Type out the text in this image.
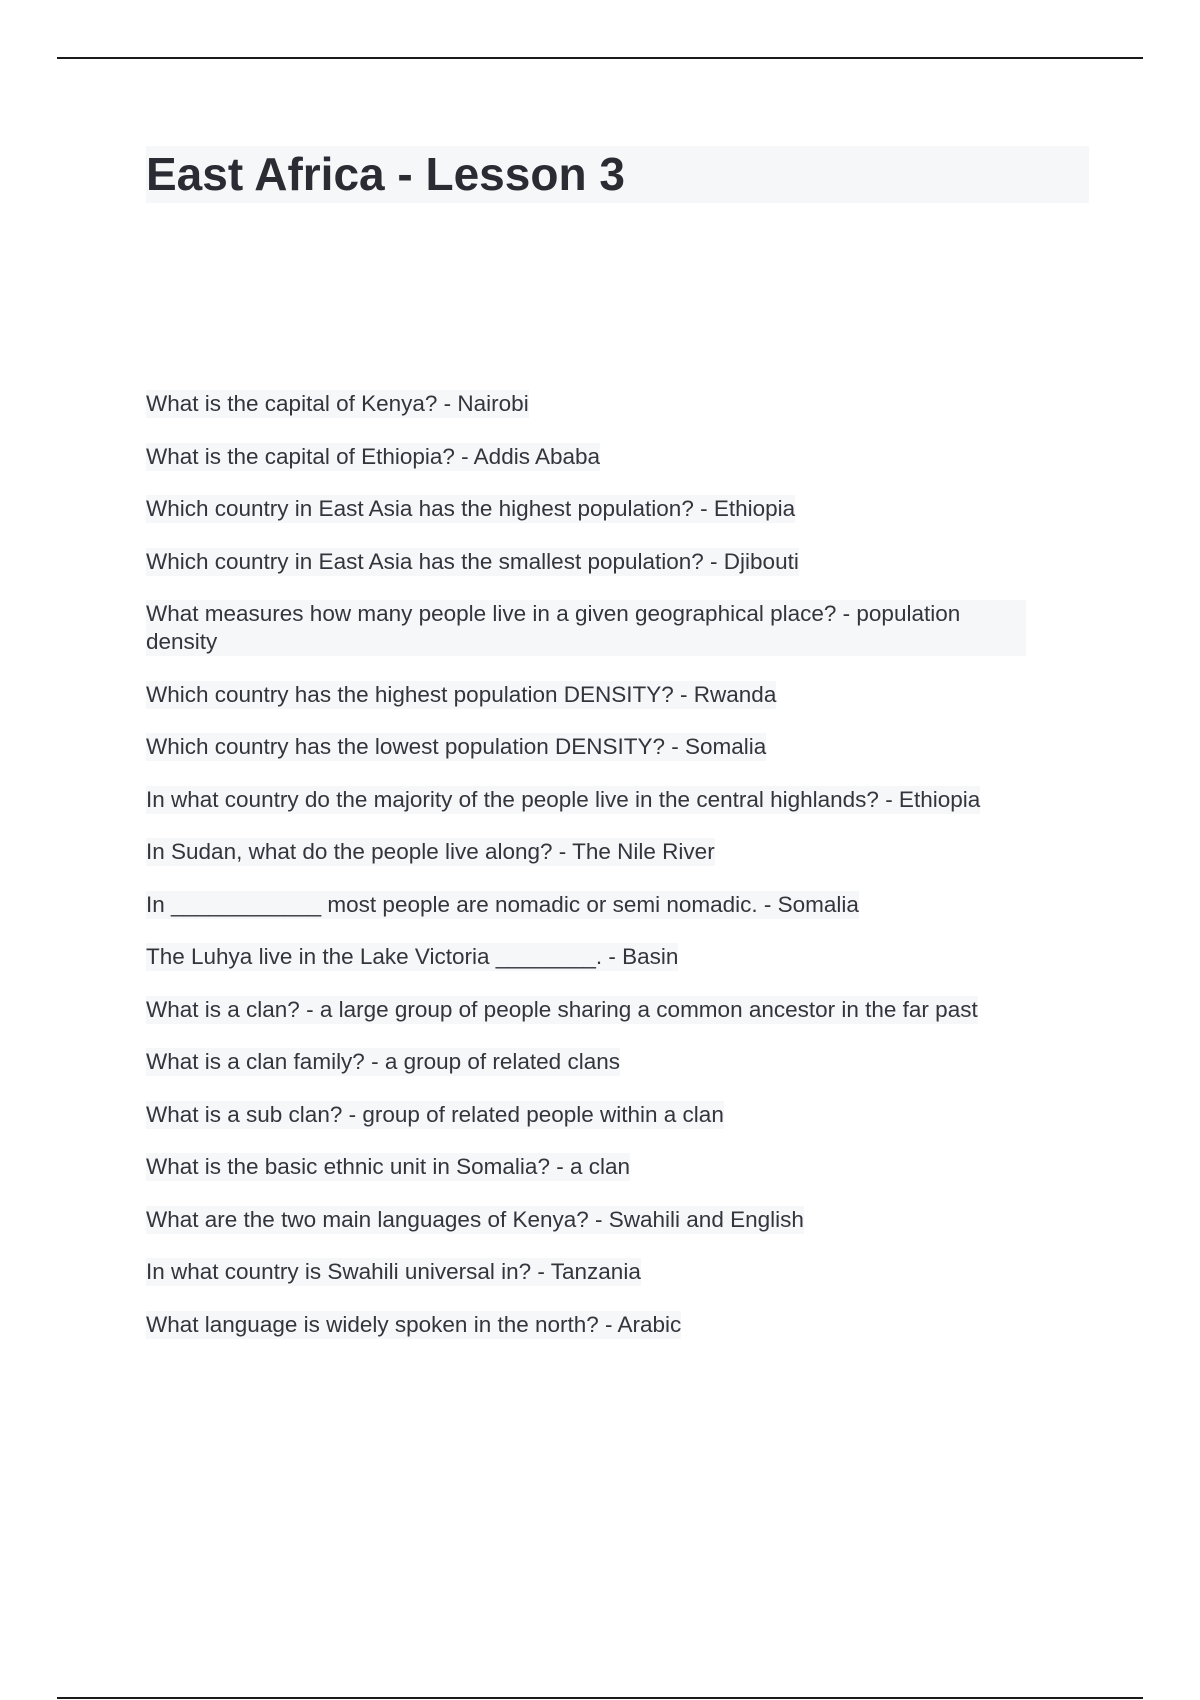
East Africa - Lesson 3
What is the capital of Kenya? - Nairobi
What is the capital of Ethiopia? - Addis Ababa
Which country in East Asia has the highest population? - Ethiopia
Which country in East Asia has the smallest population? - Djibouti
What measures how many people live in a given geographical place? - population density
Which country has the highest population DENSITY? - Rwanda
Which country has the lowest population DENSITY? - Somalia
In what country do the majority of the people live in the central highlands? - Ethiopia
In Sudan, what do the people live along? - The Nile River
In ____________ most people are nomadic or semi nomadic. - Somalia
The Luhya live in the Lake Victoria ________. - Basin
What is a clan? - a large group of people sharing a common ancestor in the far past
What is a clan family? - a group of related clans
What is a sub clan? - group of related people within a clan
What is the basic ethnic unit in Somalia? - a clan
What are the two main languages of Kenya? - Swahili and English
In what country is Swahili universal in? - Tanzania
What language is widely spoken in the north? - Arabic
